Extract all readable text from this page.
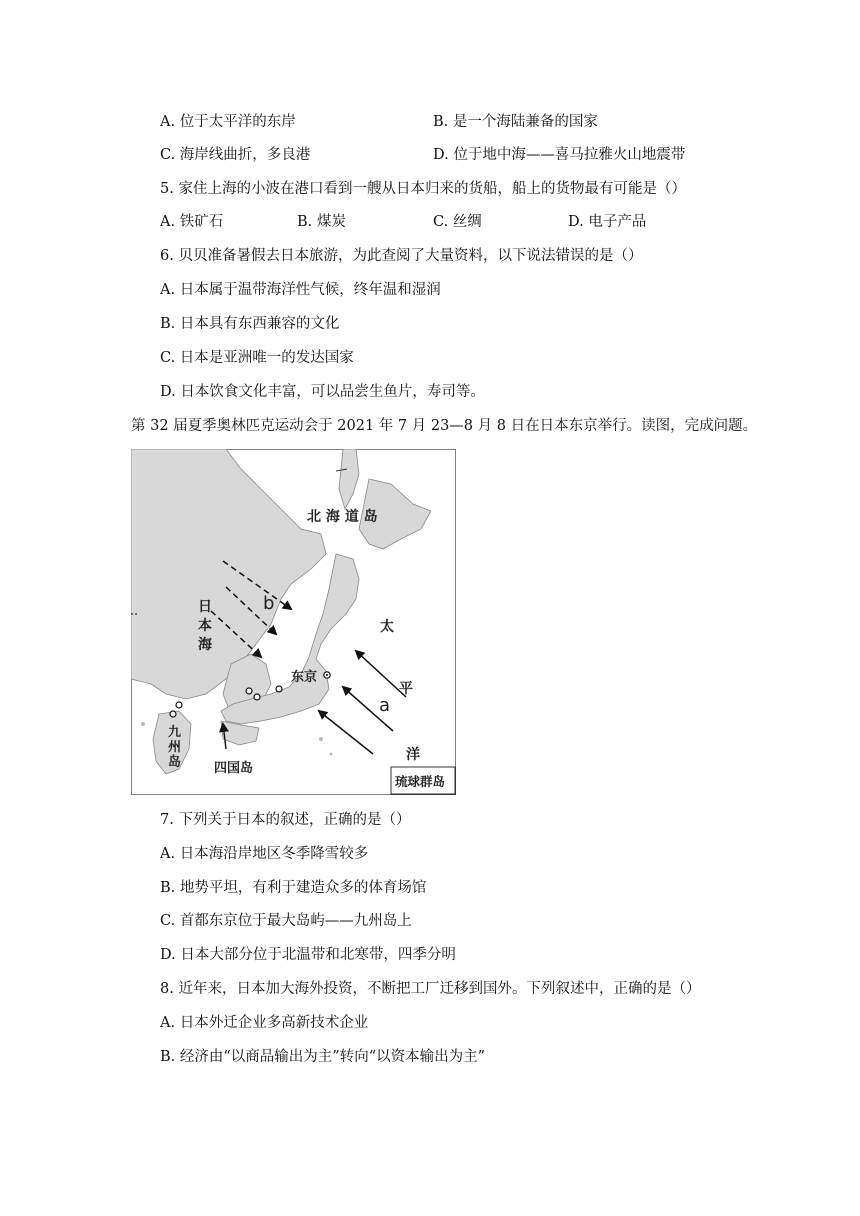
A. 位于太平洋的东岸	B. 是一个海陆兼备的国家
C. 海岸线曲折，多良港	D. 位于地中海——喜马拉雅火山地震带
5. 家住上海的小波在港口看到一艘从日本归来的货船，船上的货物最有可能是（）
A. 铁矿石	B. 煤炭	C. 丝绸	D. 电子产品
6. 贝贝准备暑假去日本旅游，为此查阅了大量资料，以下说法错误的是（）
A. 日本属于温带海洋性气候，终年温和湿润
B. 日本具有东西兼容的文化
C. 日本是亚洲唯一的发达国家
D. 日本饮食文化丰富，可以品尝生鱼片，寿司等。
第 32 届夏季奥林匹克运动会于 2021 年 7 月 23—8 月 8 日在日本东京举行。读图，完成问题。
北 海 道 岛
日
本
海
b
东京
太
平
洋
a
九
州
岛	四国岛
琉球群岛
7. 下列关于日本的叙述，正确的是（）
A. 日本海沿岸地区冬季降雪较多
B. 地势平坦，有利于建造众多的体育场馆
C. 首都东京位于最大岛屿——九州岛上
D. 日本大部分位于北温带和北寒带，四季分明
8. 近年来，日本加大海外投资，不断把工厂迁移到国外。下列叙述中，正确的是（）
A. 日本外迁企业多高新技术企业
B. 经济由“以商品输出为主”转向“以资本输出为主”
